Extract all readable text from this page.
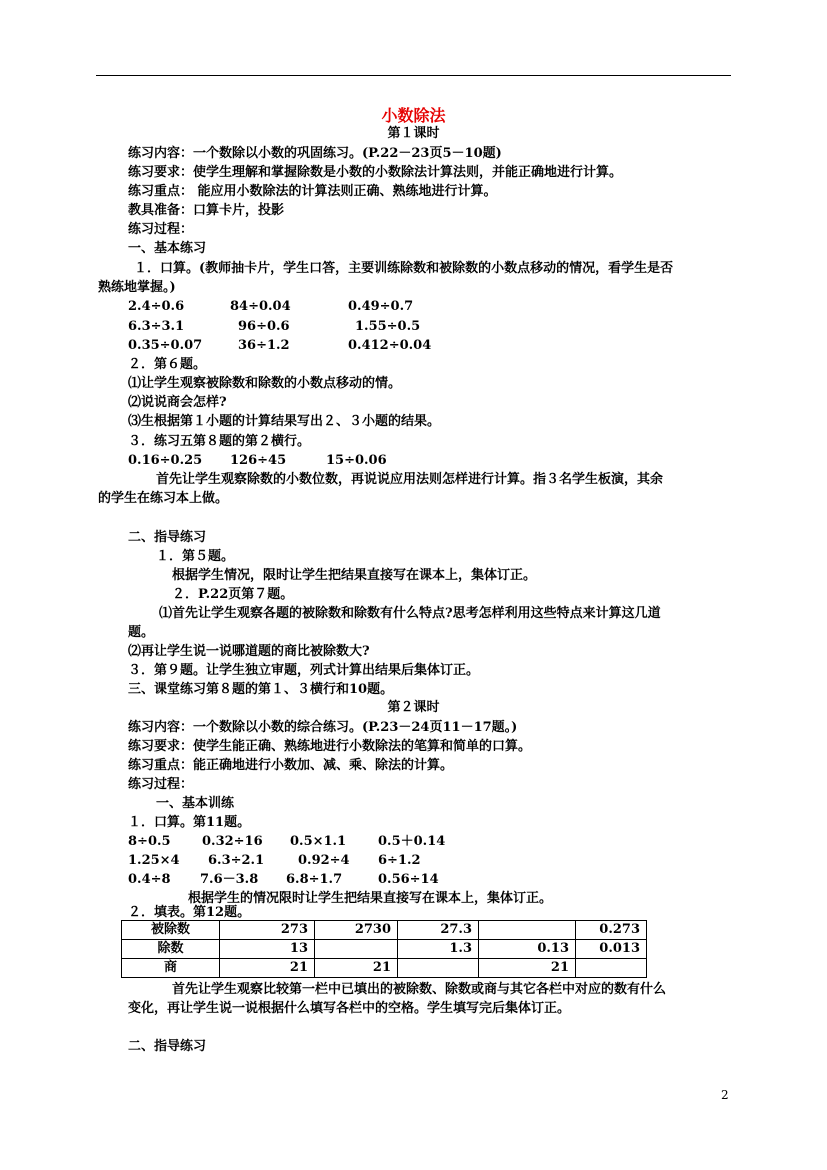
小数除法
第１课时
练习内容：一个数除以小数的巩固练习。(P.22－23页5－10题)
练习要求：使学生理解和掌握除数是小数的小数除法计算法则，并能正确地进行计算。
练习重点： 能应用小数除法的计算法则正确、熟练地进行计算。
教具准备：口算卡片，投影
练习过程：
一、基本练习
１．口算。(教师抽卡片，学生口答，主要训练除数和被除数的小数点移动的情况，看学生是否
熟练地掌握。)
2.4÷0.6	84÷0.04	0.49÷0.7
6.3÷3.1	96÷0.6	1.55÷0.5
0.35÷0.07	36÷1.2	0.412÷0.04
２．第６题。
⑴让学生观察被除数和除数的小数点移动的情。
⑵说说商会怎样?
⑶生根据第１小题的计算结果写出２、３小题的结果。
３．练习五第８题的第２横行。
0.16÷0.25 126÷45	15÷0.06
首先让学生观察除数的小数位数，再说说应用法则怎样进行计算。指３名学生板演，其余
的学生在练习本上做。
二、指导练习
１．第５题。
根据学生情况，限时让学生把结果直接写在课本上，集体订正。
２．P.22页第７题。
⑴首先让学生观察各题的被除数和除数有什么特点?思考怎样利用这些特点来计算这几道
题。
⑵再让学生说一说哪道题的商比被除数大?
３．第９题。让学生独立审题，列式计算出结果后集体订正。
三、课堂练习第８题的第１、３横行和10题。
第２课时
练习内容：一个数除以小数的综合练习。(P.23－24页11－17题。)
练习要求：使学生能正确、熟练地进行小数除法的笔算和简单的口算。
练习重点：能正确地进行小数加、减、乘、除法的计算。
练习过程：
一、基本训练
１．口算。第11题。
8÷0.5 0.32÷16 0.5×1.1 0.5＋0.14
1.25×4 6.3÷2.1	0.92÷4 6÷1.2
0.4÷8 7.6－3.8 6.8÷1.7	0.56÷14
根据学生的情况限时让学生把结果直接写在课本上，集体订正。
２．填表。第12题。
被除数	273	2730	27.3		0.273
除数	13		1.3	0.13	0.013
商	21	21		21	
首先让学生观察比较第一栏中已填出的被除数、除数或商与其它各栏中对应的数有什么
变化，再让学生说一说根据什么填写各栏中的空格。学生填写完后集体订正。
二、指导练习
2
